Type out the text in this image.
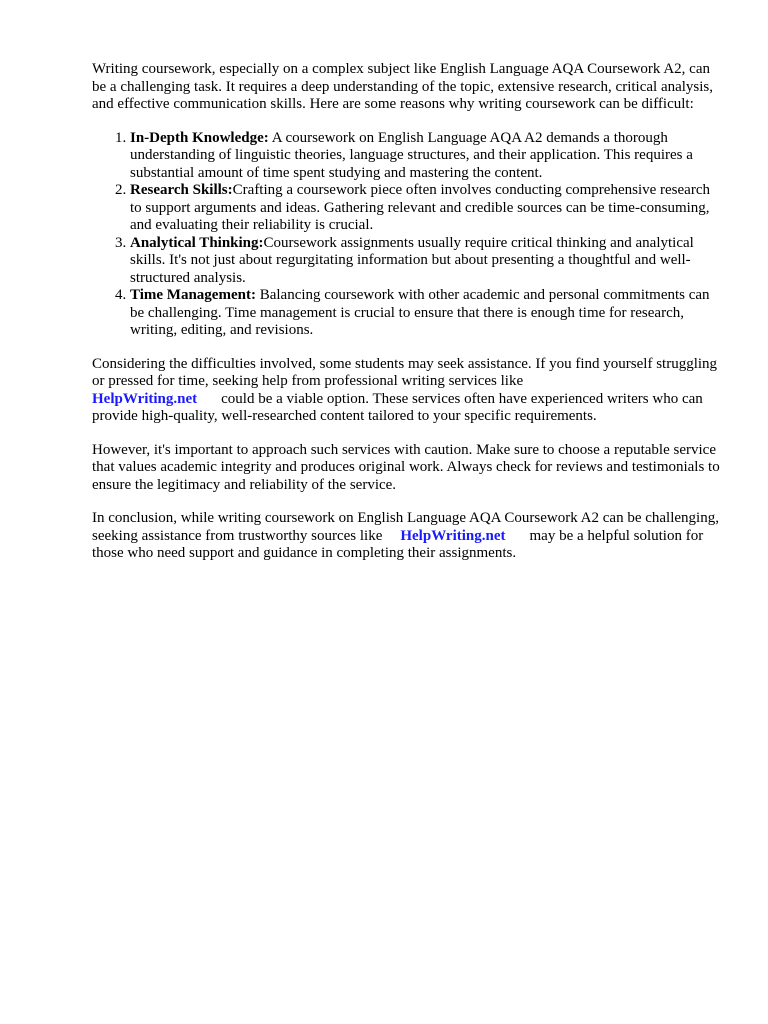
Writing coursework, especially on a complex subject like English Language AQA Coursework A2, can be a challenging task. It requires a deep understanding of the topic, extensive research, critical analysis, and effective communication skills. Here are some reasons why writing coursework can be difficult:

1. In-Depth Knowledge: A coursework on English Language AQA A2 demands a thorough understanding of linguistic theories, language structures, and their application. This requires a substantial amount of time spent studying and mastering the content.
2. Research Skills:Crafting a coursework piece often involves conducting comprehensive research to support arguments and ideas. Gathering relevant and credible sources can be time-consuming, and evaluating their reliability is crucial.
3. Analytical Thinking:Coursework assignments usually require critical thinking and analytical skills. It's not just about regurgitating information but about presenting a thoughtful and well-structured analysis.
4. Time Management: Balancing coursework with other academic and personal commitments can be challenging. Time management is crucial to ensure that there is enough time for research, writing, editing, and revisions.

Considering the difficulties involved, some students may seek assistance. If you find yourself struggling or pressed for time, seeking help from professional writing services like
HelpWriting.net could be a viable option. These services often have experienced writers who can provide high-quality, well-researched content tailored to your specific requirements.

However, it's important to approach such services with caution. Make sure to choose a reputable service that values academic integrity and produces original work. Always check for reviews and testimonials to ensure the legitimacy and reliability of the service.

In conclusion, while writing coursework on English Language AQA Coursework A2 can be challenging, seeking assistance from trustworthy sources like HelpWriting.net may be a helpful solution for those who need support and guidance in completing their assignments.
